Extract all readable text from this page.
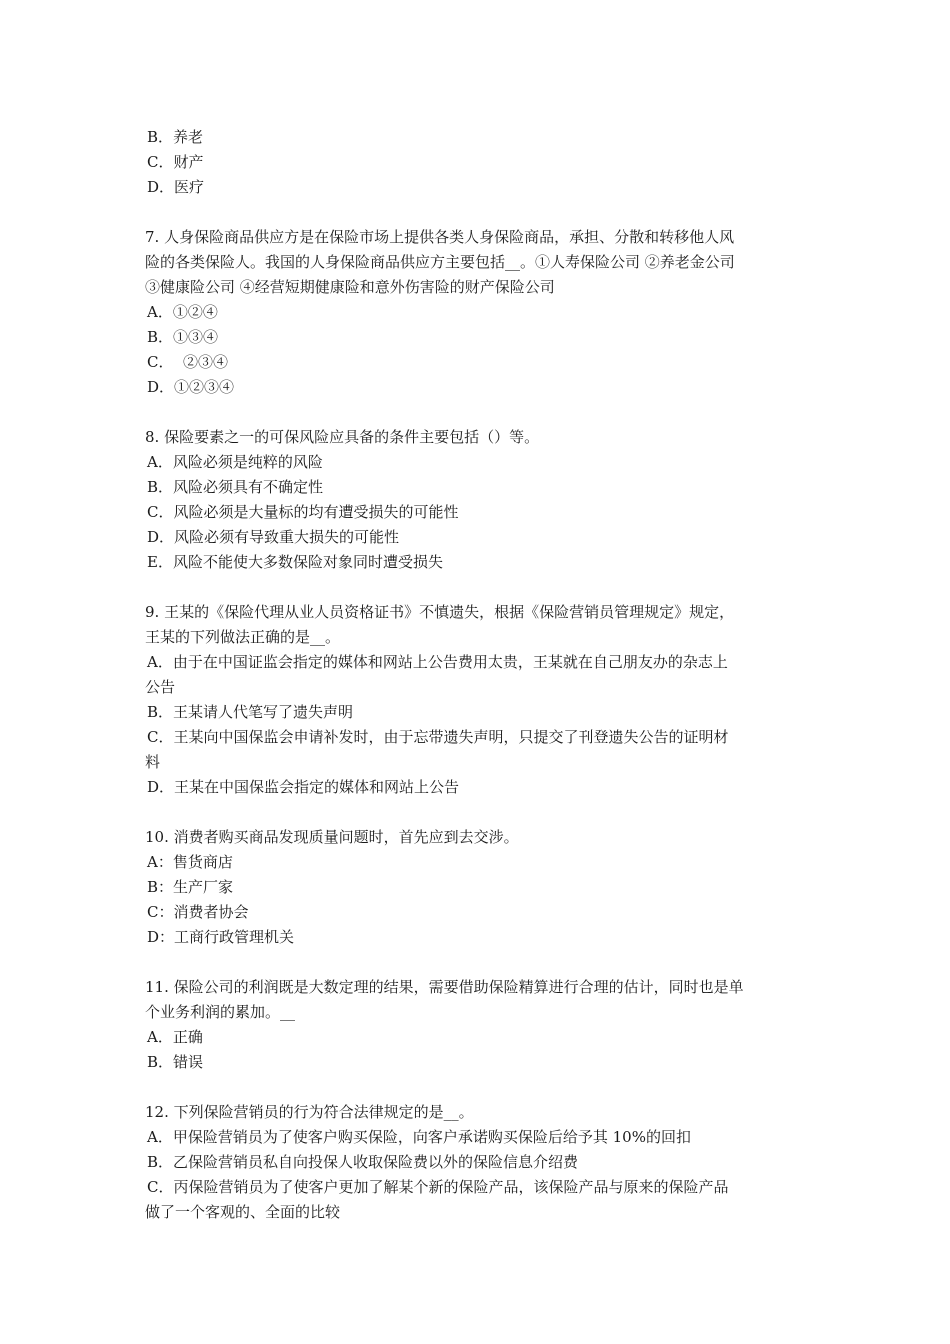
B．养老

C．财产

D．医疗

7. 人身保险商品供应方是在保险市场上提供各类人身保险商品，承担、分散和转移他人风

险的各类保险人。我国的人身保险商品供应方主要包括__。①人寿保险公司 ②养老金公司

③健康险公司 ④经营短期健康险和意外伤害险的财产保险公司

A．①②④

B．①③④

C．  ②③④

D．①②③④

8. 保险要素之一的可保风险应具备的条件主要包括（）等。

A．风险必须是纯粹的风险

B．风险必须具有不确定性

C．风险必须是大量标的均有遭受损失的可能性

D．风险必须有导致重大损失的可能性

E．风险不能使大多数保险对象同时遭受损失

9. 王某的《保险代理从业人员资格证书》不慎遗失，根据《保险营销员管理规定》规定，

王某的下列做法正确的是__。

A．由于在中国证监会指定的媒体和网站上公告费用太贵，王某就在自己朋友办的杂志上

公告

B．王某请人代笔写了遗失声明

C．王某向中国保监会申请补发时，由于忘带遗失声明，只提交了刊登遗失公告的证明材

料

D．王某在中国保监会指定的媒体和网站上公告

10. 消费者购买商品发现质量问题时，首先应到去交涉。

A：售货商店

B：生产厂家

C：消费者协会

D：工商行政管理机关

11. 保险公司的利润既是大数定理的结果，需要借助保险精算进行合理的估计，同时也是单

个业务利润的累加。__

A．正确

B．错误

12. 下列保险营销员的行为符合法律规定的是__。

A．甲保险营销员为了使客户购买保险，向客户承诺购买保险后给予其 10%的回扣

B．乙保险营销员私自向投保人收取保险费以外的保险信息介绍费

C．丙保险营销员为了使客户更加了解某个新的保险产品，该保险产品与原来的保险产品

做了一个客观的、全面的比较
